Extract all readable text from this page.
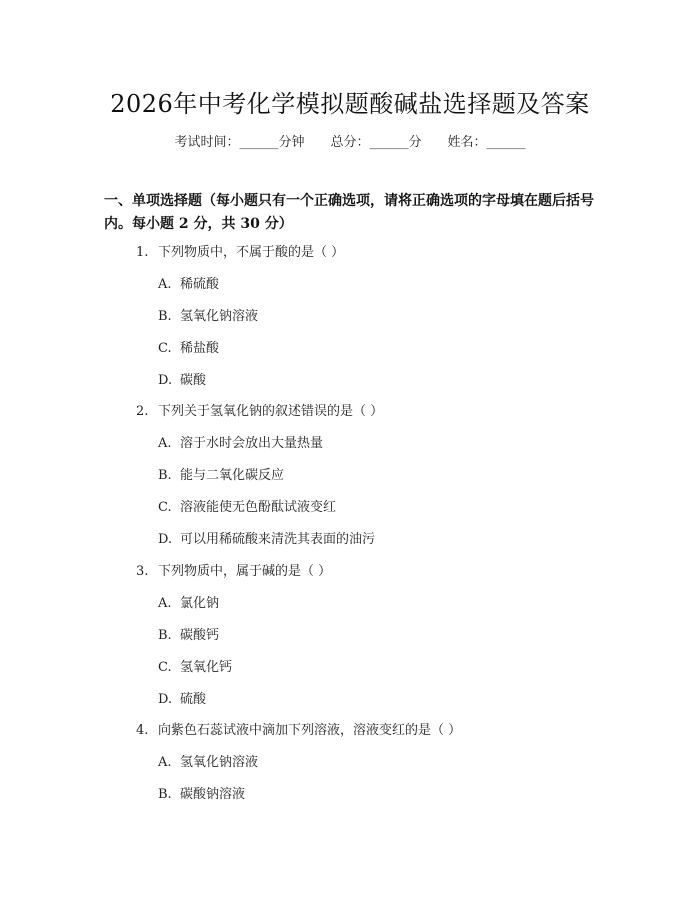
2026年中考化学模拟题酸碱盐选择题及答案
考试时间：______分钟 总分：______分 姓名：______
一、单项选择题（每小题只有一个正确选项，请将正确选项的字母填在题后括号内。每小题 2 分，共 30 分）
1. 下列物质中，不属于酸的是（ ）
A. 稀硫酸
B. 氢氧化钠溶液
C. 稀盐酸
D. 碳酸
2. 下列关于氢氧化钠的叙述错误的是（ ）
A. 溶于水时会放出大量热量
B. 能与二氧化碳反应
C. 溶液能使无色酚酞试液变红
D. 可以用稀硫酸来清洗其表面的油污
3. 下列物质中，属于碱的是（ ）
A. 氯化钠
B. 碳酸钙
C. 氢氧化钙
D. 硫酸
4. 向紫色石蕊试液中滴加下列溶液，溶液变红的是（ ）
A. 氢氧化钠溶液
B. 碳酸钠溶液
